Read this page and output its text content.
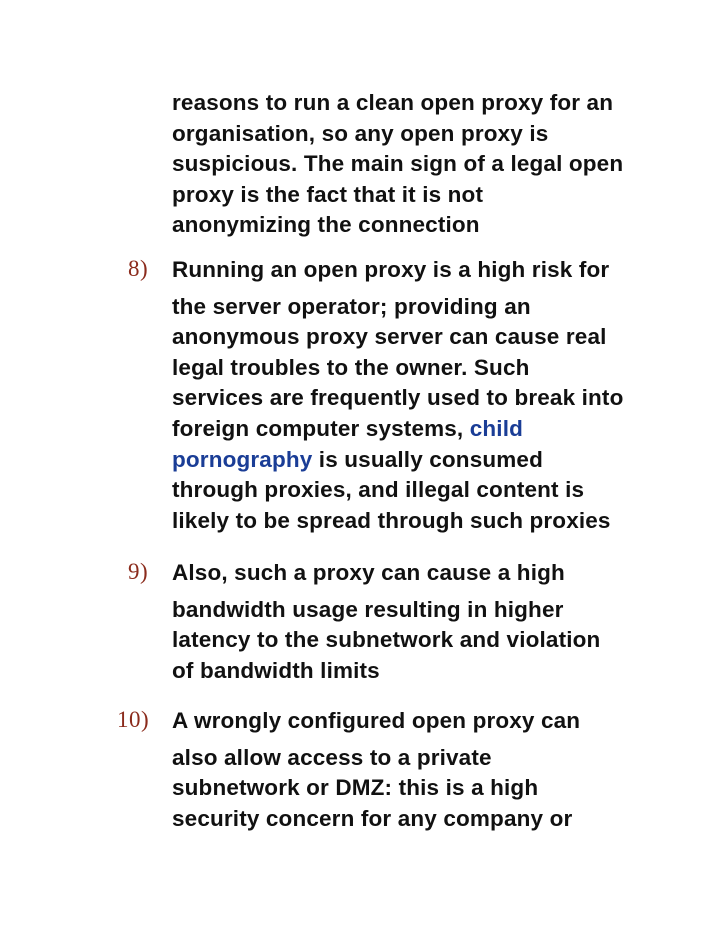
reasons to run a clean open proxy for an
organisation, so any open proxy is
suspicious. The main sign of a legal open
proxy is the fact that it is not
anonymizing the connection
8) Running an open proxy is a high risk for
the server operator; providing an
anonymous proxy server can cause real
legal troubles to the owner. Such
services are frequently used to break into
foreign computer systems, child
pornography is usually consumed
through proxies, and illegal content is
likely to be spread through such proxies
9) Also, such a proxy can cause a high
bandwidth usage resulting in higher
latency to the subnetwork and violation
of bandwidth limits
10) A wrongly configured open proxy can
also allow access to a private
subnetwork or DMZ: this is a high
security concern for any company or
